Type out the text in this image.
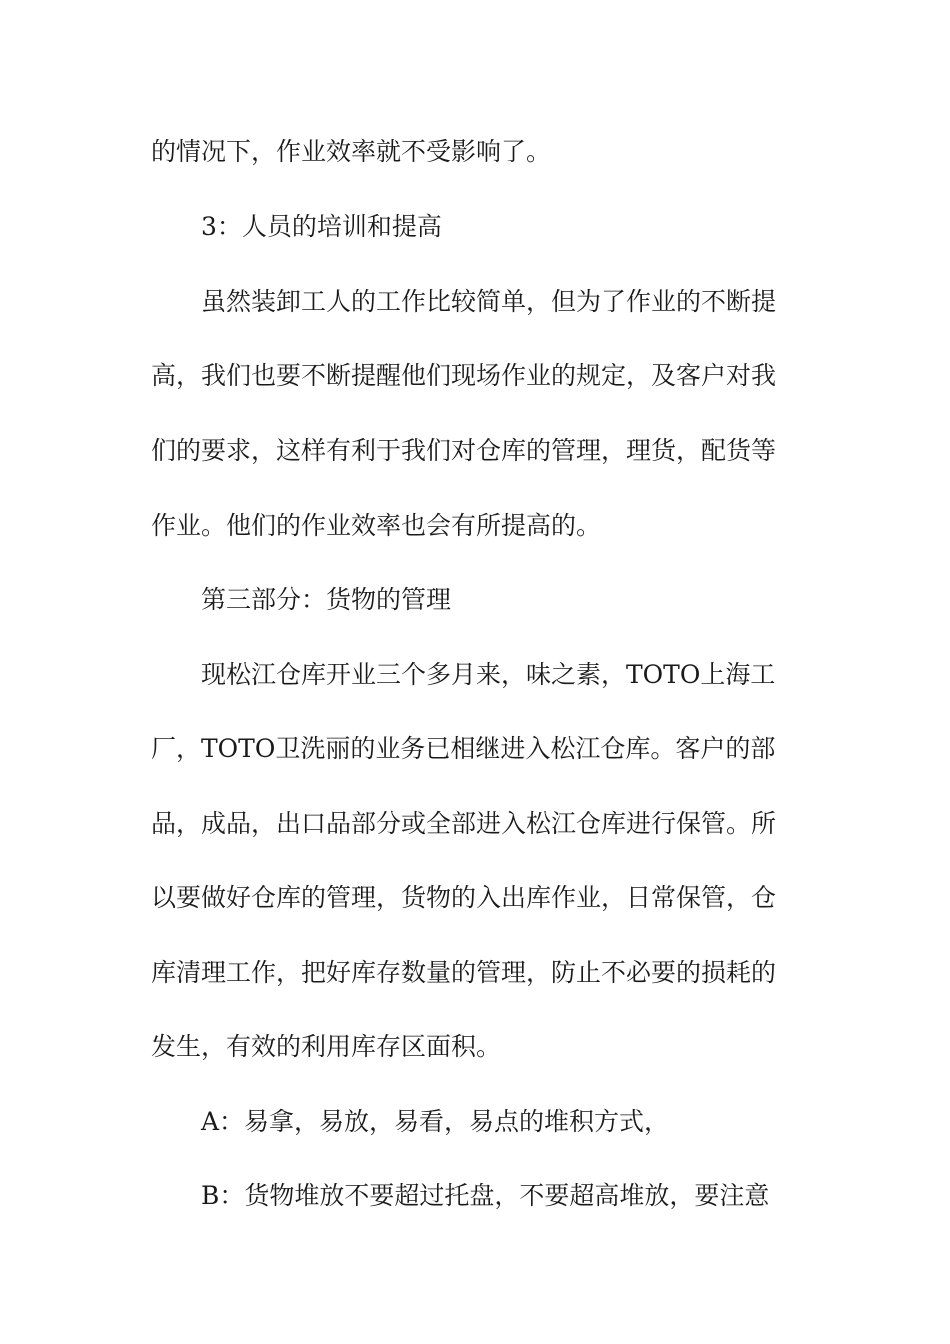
的情况下，作业效率就不受影响了。
3：人员的培训和提高
虽然装卸工人的工作比较简单，但为了作业的不断提
高，我们也要不断提醒他们现场作业的规定，及客户对我
们的要求，这样有利于我们对仓库的管理，理货，配货等
作业。他们的作业效率也会有所提高的。
第三部分：货物的管理
现松江仓库开业三个多月来，味之素，TOTO上海工
厂，TOTO卫洗丽的业务已相继进入松江仓库。客户的部
品，成品，出口品部分或全部进入松江仓库进行保管。所
以要做好仓库的管理，货物的入出库作业，日常保管，仓
库清理工作，把好库存数量的管理，防止不必要的损耗的
发生，有效的利用库存区面积。
A：易拿，易放，易看，易点的堆积方式，
B：货物堆放不要超过托盘，不要超高堆放，要注意
